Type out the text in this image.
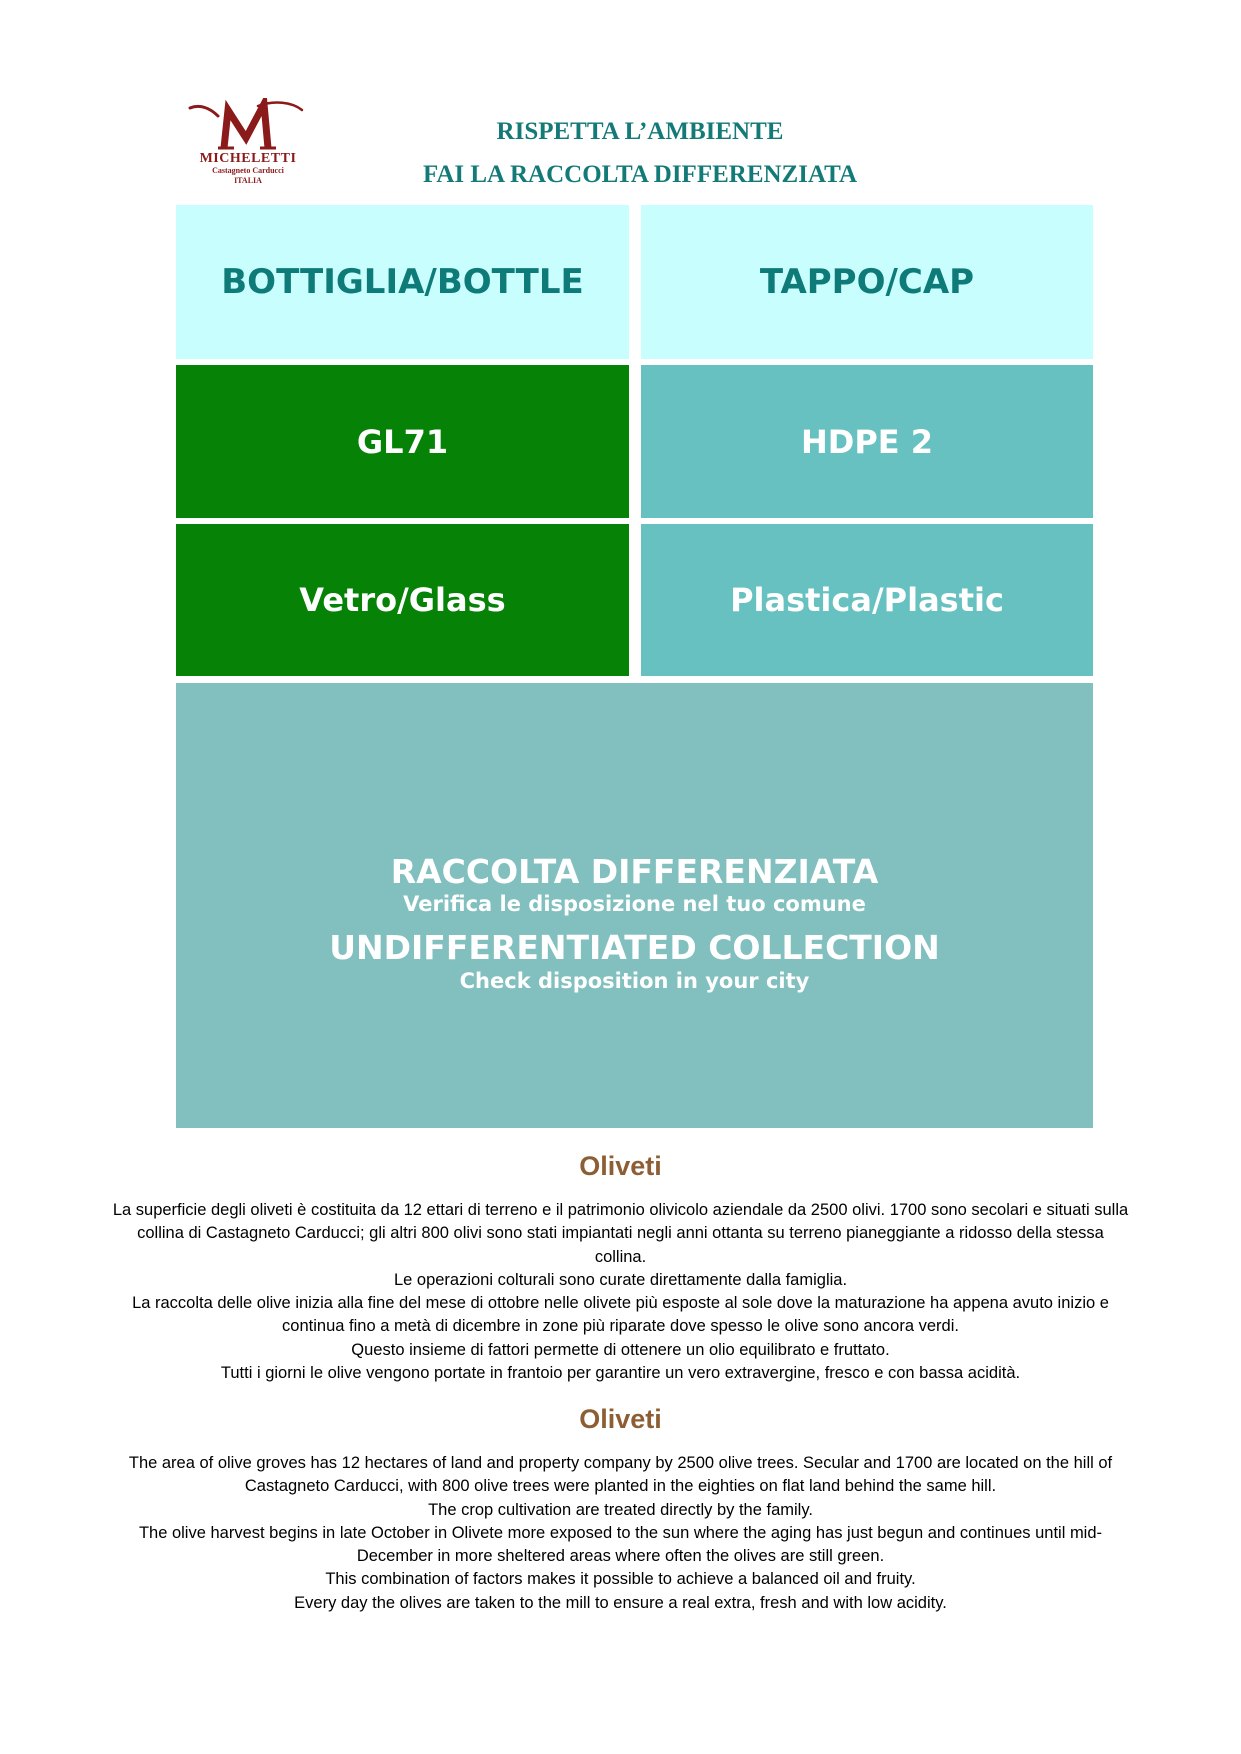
MICHELETTI
Castagneto Carducci
ITALIA
RISPETTA L’AMBIENTE
FAI LA RACCOLTA DIFFERENZIATA
BOTTIGLIA/BOTTLE	TAPPO/CAP
GL71	HDPE 2
Vetro/Glass	Plastica/Plastic
RACCOLTA DIFFERENZIATA
Verifica le disposizione nel tuo comune
UNDIFFERENTIATED COLLECTION
Check disposition in your city
Oliveti
La superficie degli oliveti è costituita da 12 ettari di terreno e il patrimonio olivicolo aziendale da 2500 olivi. 1700 sono secolari e situati sulla collina di Castagneto Carducci; gli altri 800 olivi sono stati impiantati negli anni ottanta su terreno pianeggiante a ridosso della stessa collina.
Le operazioni colturali sono curate direttamente dalla famiglia.
La raccolta delle olive inizia alla fine del mese di ottobre nelle olivete più esposte al sole dove la maturazione ha appena avuto inizio e continua fino a metà di dicembre in zone più riparate dove spesso le olive sono ancora verdi.
Questo insieme di fattori permette di ottenere un olio equilibrato e fruttato.
Tutti i giorni le olive vengono portate in frantoio per garantire un vero extravergine, fresco e con bassa acidità.
Oliveti
The area of olive groves has 12 hectares of land and property company by 2500 olive trees. Secular and 1700 are located on the hill of Castagneto Carducci, with 800 olive trees were planted in the eighties on flat land behind the same hill.
The crop cultivation are treated directly by the family.
The olive harvest begins in late October in Olivete more exposed to the sun where the aging has just begun and continues until mid-December in more sheltered areas where often the olives are still green.
This combination of factors makes it possible to achieve a balanced oil and fruity.
Every day the olives are taken to the mill to ensure a real extra, fresh and with low acidity.
